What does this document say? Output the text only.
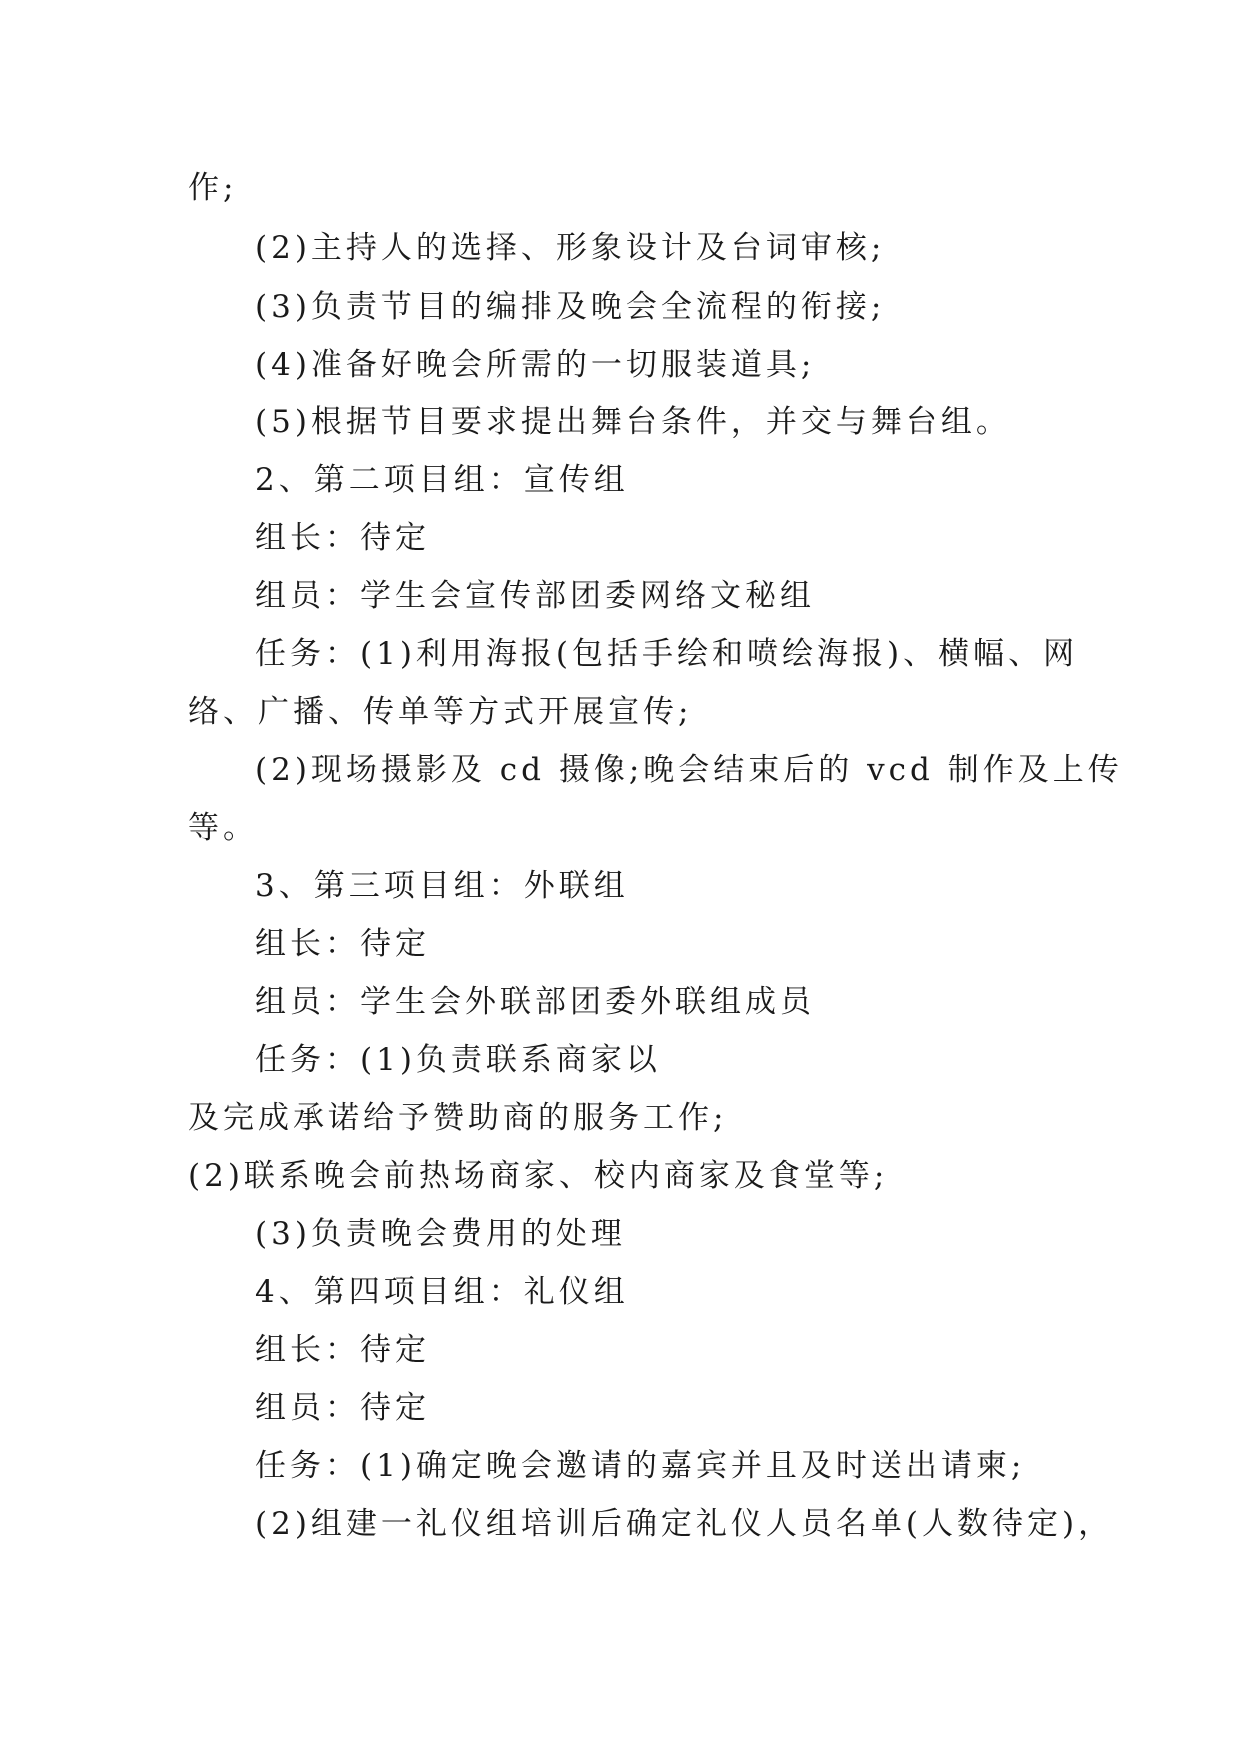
作;
(2)主持人的选择、形象设计及台词审核;
(3)负责节目的编排及晚会全流程的衔接;
(4)准备好晚会所需的一切服装道具;
(5)根据节目要求提出舞台条件，并交与舞台组。
2、第二项目组：宣传组
组长：待定
组员：学生会宣传部团委网络文秘组
任务：(1)利用海报(包括手绘和喷绘海报)、横幅、网
络、广播、传单等方式开展宣传;
(2)现场摄影及 cd 摄像;晚会结束后的 vcd 制作及上传
等。
3、第三项目组：外联组
组长：待定
组员：学生会外联部团委外联组成员
任务：(1)负责联系商家以
及完成承诺给予赞助商的服务工作;
(2)联系晚会前热场商家、校内商家及食堂等;
(3)负责晚会费用的处理
4、第四项目组：礼仪组
组长：待定
组员：待定
任务：(1)确定晚会邀请的嘉宾并且及时送出请柬;
(2)组建一礼仪组培训后确定礼仪人员名单(人数待定)，
